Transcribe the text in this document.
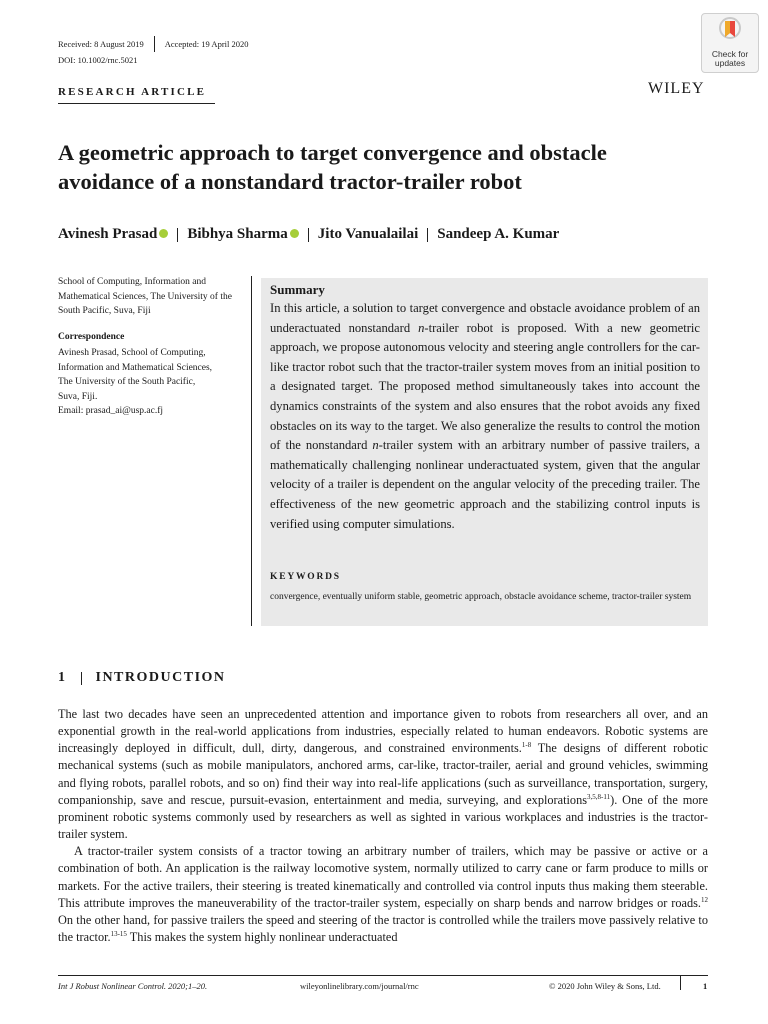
Received: 8 August 2019 Accepted: 19 April 2020
DOI: 10.1002/rnc.5021
RESEARCH ARTICLE	WILEY
Check for
updates
A geometric approach to target convergence and obstacle avoidance of a nonstandard tractor-trailer robot
Avinesh Prasad Bibhya Sharma Jito Vanualailai Sandeep A. Kumar
School of Computing, Information and Mathematical Sciences, The University of the South Pacific, Suva, Fiji
Correspondence
Avinesh Prasad, School of Computing,
Information and Mathematical Sciences,
The University of the South Pacific,
Suva, Fiji.
Email: prasad_ai@usp.ac.fj
Summary
In this article, a solution to target convergence and obstacle avoidance problem of an underactuated nonstandard n-trailer robot is proposed. With a new geometric approach, we propose autonomous velocity and steering angle controllers for the car-like tractor robot such that the tractor-trailer system moves from an initial position to a designated target. The proposed method simultaneously takes into account the dynamics constraints of the system and also ensures that the robot avoids any fixed obstacles on its way to the target. We also generalize the results to control the motion of the nonstandard n-trailer system with an arbitrary number of passive trailers, a mathematically challenging nonlinear underactuated system, given that the angular velocity of a trailer is dependent on the angular velocity of the preceding trailer. The effectiveness of the new geometric approach and the stabilizing control inputs is verified using computer simulations.
KEYWORDS
convergence, eventually uniform stable, geometric approach, obstacle avoidance scheme, tractor-trailer system
1 INTRODUCTION

The last two decades have seen an unprecedented attention and importance given to robots from researchers all over, and an exponential growth in the real-world applications from industries, especially related to human endeavors. Robotic systems are increasingly deployed in difficult, dull, dirty, dangerous, and constrained environments.$^{1-8}$ The designs of different robotic mechanical systems (such as mobile manipulators, anchored arms, car-like, tractor-trailer, aerial and ground vehicles, swimming and flying robots, parallel robots, and so on) find their way into real-life applications (such as surveillance, transportation, surgery, companionship, save and rescue, pursuit-evasion, entertainment and media, surveying, and explorations$^{3,5,8-11}$). One of the more prominent robotic systems commonly used by researchers as well as sighted in various workplaces and industries is the tractor-trailer system.

A tractor-trailer system consists of a tractor towing an arbitrary number of trailers, which may be passive or active or a combination of both. An application is the railway locomotive system, normally utilized to carry cane or farm produce to mills or markets. For the active trailers, their steering is treated kinematically and controlled via control inputs thus making them steerable. This attribute improves the maneuverability of the tractor-trailer system, especially on sharp bends and narrow bridges or roads.$^{12}$ On the other hand, for passive trailers the speed and steering of the tractor is controlled while the trailers move passively relative to the tractor.$^{13-15}$ This makes the system highly nonlinear underactuated

Int J Robust Nonlinear Control. 2020;1–20.	wileyonlinelibrary.com/journal/rnc	© 2020 John Wiley & Sons, Ltd.	1
